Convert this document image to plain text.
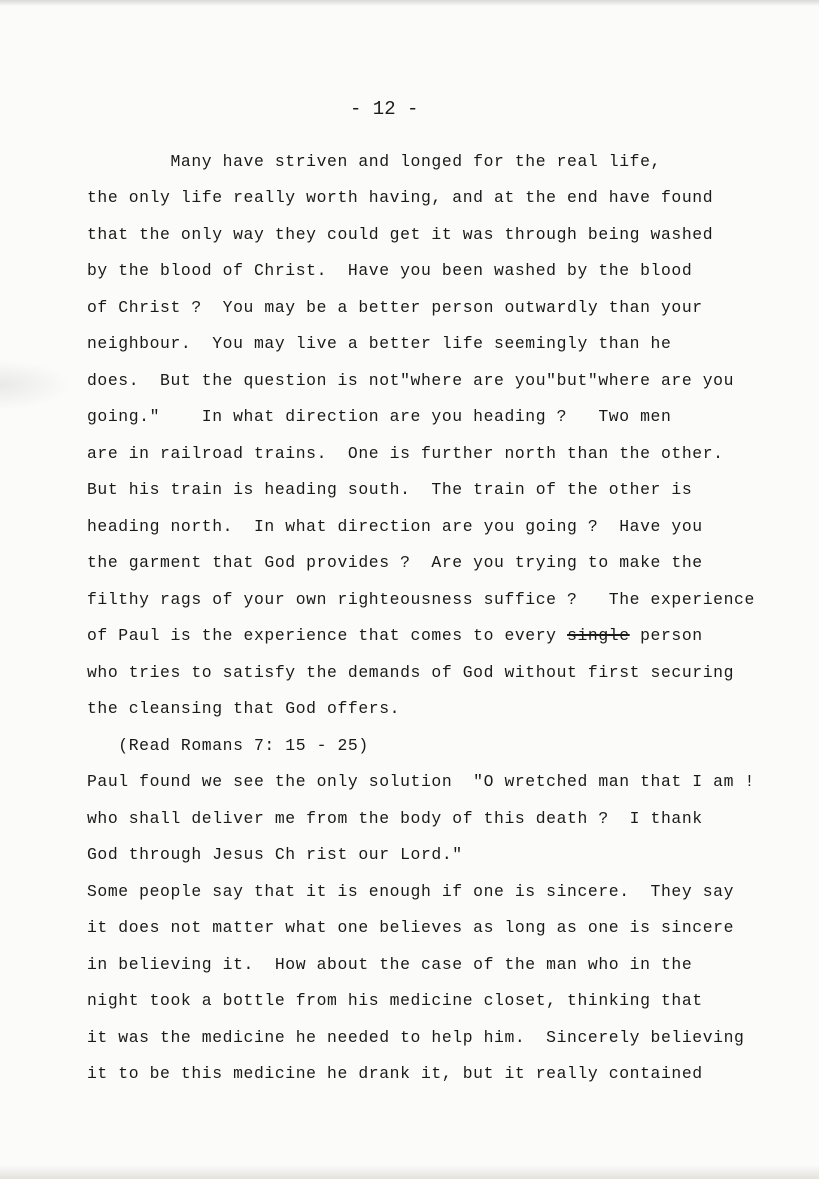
- 12 -
Many have striven and longed for the real life,
the only life really worth having, and at the end have found
that the only way they could get it was through being washed
by the blood of Christ.  Have you been washed by the blood
of Christ ?  You may be a better person outwardly than your
neighbour.  You may live a better life seemingly than he
does.  But the question is not"where are you"but"where are you
going."    In what direction are you heading ?   Two men
are in railroad trains.  One is further north than the other.
But his train is heading south.  The train of the other is
heading north.  In what direction are you going ?  Have you
the garment that God provides ?  Are you trying to make the
filthy rags of your own righteousness suffice ?   The experience
of Paul is the experience that comes to every single person
who tries to satisfy the demands of God without first securing
the cleansing that God offers.
(Read Romans 7: 15 - 25)
Paul found we see the only solution  "O wretched man that I am !
who shall deliver me from the body of this death ?  I thank
God through Jesus Ch rist our Lord."
Some people say that it is enough if one is sincere.  They say
it does not matter what one believes as long as one is sincere
in believing it.  How about the case of the man who in the
night took a bottle from his medicine closet, thinking that
it was the medicine he needed to help him.  Sincerely believing
it to be this medicine he drank it, but it really contained
